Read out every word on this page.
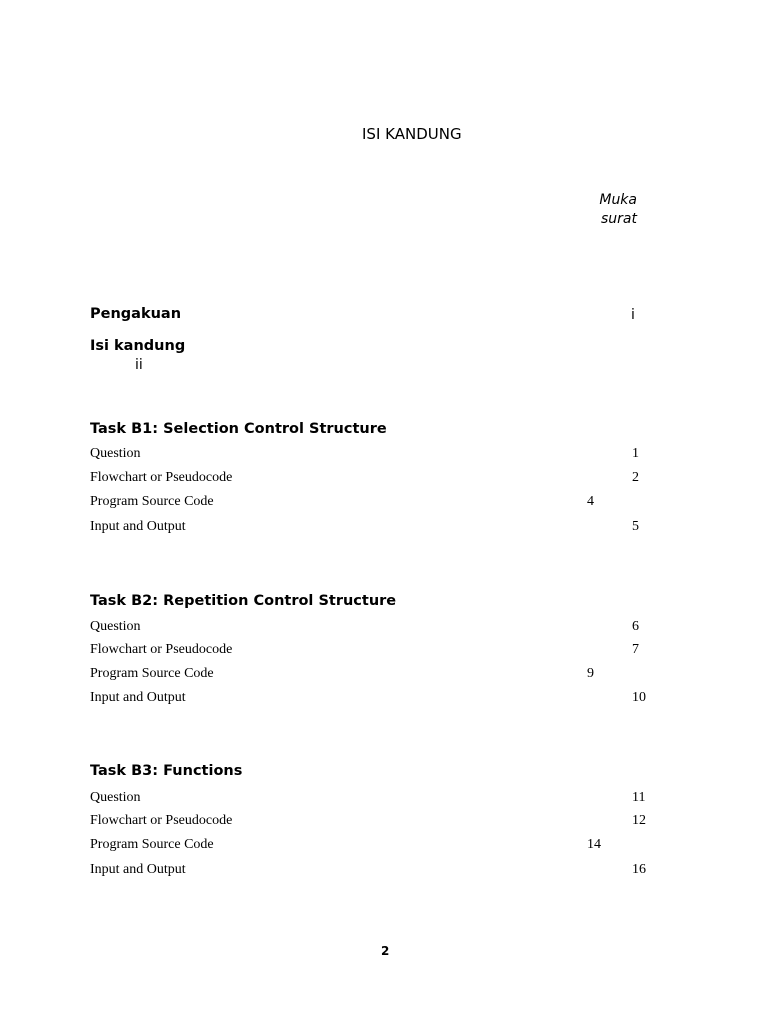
ISI KANDUNG
Muka
surat
Pengakuan	i
Isi kandung
ii
Task B1: Selection Control Structure
Question	1
Flowchart or Pseudocode	2
Program Source Code	4
Input and Output	5
Task B2: Repetition Control Structure
Question	6
Flowchart or Pseudocode	7
Program Source Code	9
Input and Output	10
Task B3: Functions
Question	11
Flowchart or Pseudocode	12
Program Source Code	14
Input and Output	16
2
